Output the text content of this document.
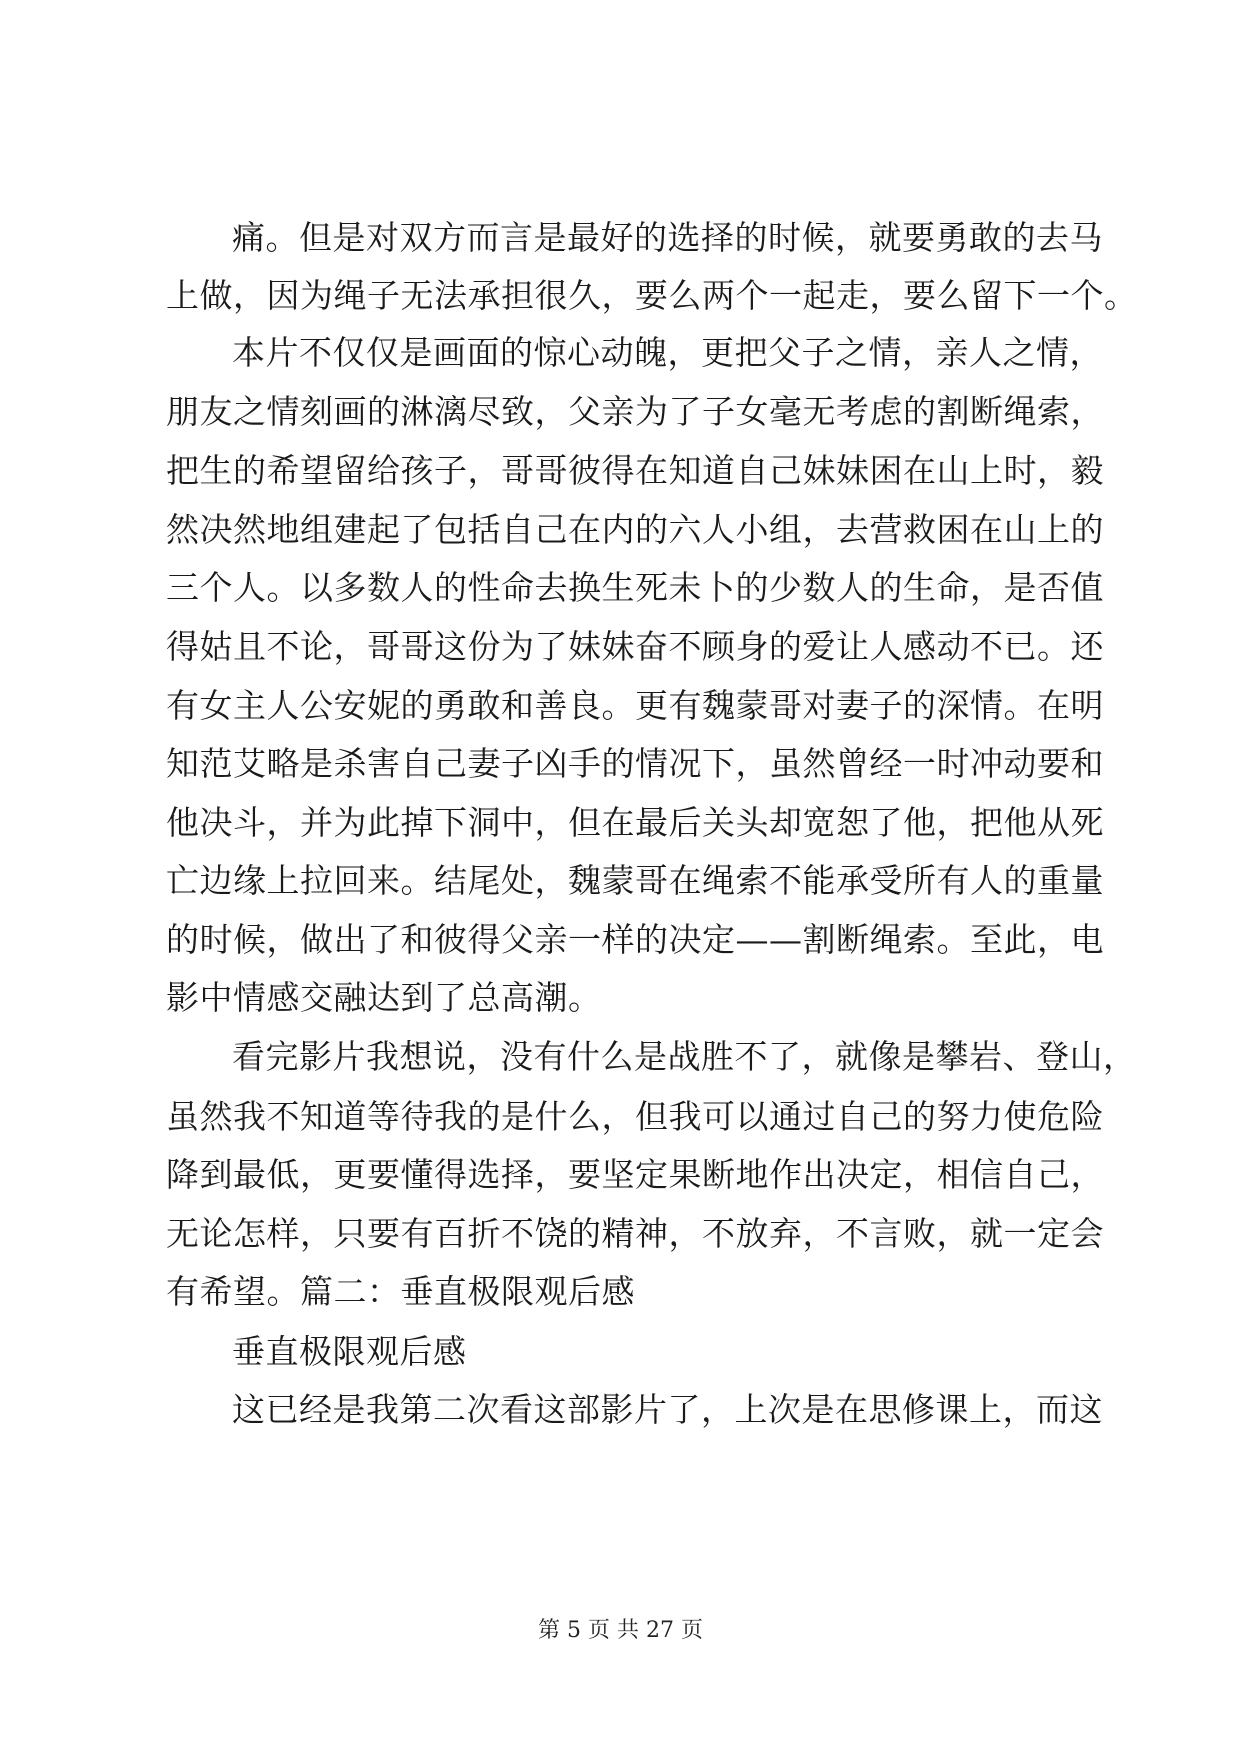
痛。但是对双方而言是最好的选择的时候，就要勇敢的去马
上做，因为绳子无法承担很久，要么两个一起走，要么留下一个。
本片不仅仅是画面的惊心动魄，更把父子之情，亲人之情，
朋友之情刻画的淋漓尽致，父亲为了子女毫无考虑的割断绳索，
把生的希望留给孩子，哥哥彼得在知道自己妹妹困在山上时，毅
然决然地组建起了包括自己在内的六人小组，去营救困在山上的
三个人。以多数人的性命去换生死未卜的少数人的生命，是否值
得姑且不论，哥哥这份为了妹妹奋不顾身的爱让人感动不已。还
有女主人公安妮的勇敢和善良。更有魏蒙哥对妻子的深情。在明
知范艾略是杀害自己妻子凶手的情况下，虽然曾经一时冲动要和
他决斗，并为此掉下洞中，但在最后关头却宽恕了他，把他从死
亡边缘上拉回来。结尾处，魏蒙哥在绳索不能承受所有人的重量
的时候，做出了和彼得父亲一样的决定——割断绳索。至此，电
影中情感交融达到了总高潮。
看完影片我想说，没有什么是战胜不了，就像是攀岩、登山，
虽然我不知道等待我的是什么，但我可以通过自己的努力使危险
降到最低，更要懂得选择，要坚定果断地作出决定，相信自己，
无论怎样，只要有百折不饶的精神，不放弃，不言败，就一定会
有希望。篇二：垂直极限观后感
垂直极限观后感
这已经是我第二次看这部影片了，上次是在思修课上，而这
第 5 页 共 27 页
